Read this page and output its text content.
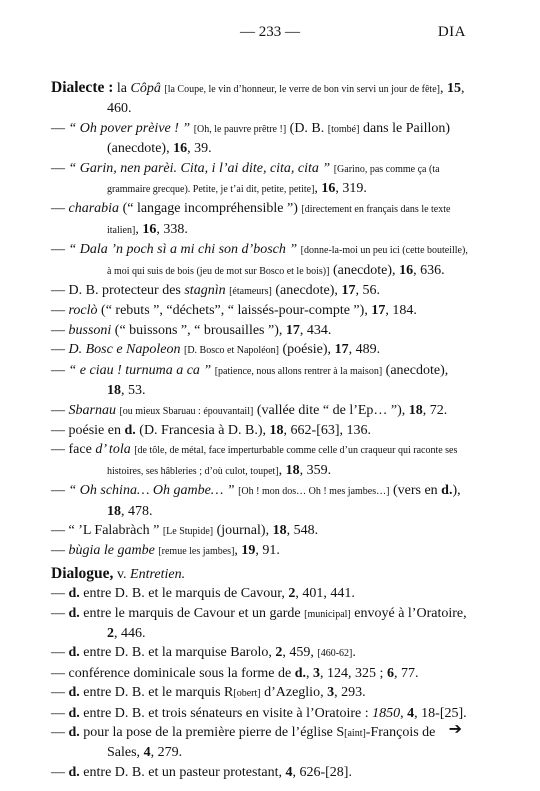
— 233 —	DIA
Dialecte : la Côpâ [la Coupe, le vin d’honneur, le verre de bon vin servi un jour de fête], 15, 460.
— “ Oh pover prèive ! ” [Oh, le pauvre prêtre !] (D. B. [tombé] dans le Paillon) (anecdote), 16, 39.
— “ Garin, nen parèi. Cita, i l’ai dite, cita, cita ” [Garino, pas comme ça (ta grammaire grecque). Petite, je t’ai dit, petite, petite], 16, 319.
— charabia (“ langage incompréhensible ”) [directement en français dans le texte italien], 16, 338.
— “ Dala ’n poch sì a mi chi son d’bosch ” [donne-la-moi un peu ici (cette bouteille), à moi qui suis de bois (jeu de mot sur Bosco et le bois)] (anecdote), 16, 636.
— D. B. protecteur des stagnìn [étameurs] (anecdote), 17, 56.
— roclò (“ rebuts ”, “déchets”, “ laissés-pour-compte ”), 17, 184.
— bussoni (“ buissons ”, “ brousailles ”), 17, 434.
— D. Bosc e Napoleon [D. Bosco et Napoléon] (poésie), 17, 489.
— “ e ciau ! turnuma a ca ” [patience, nous allons rentrer à la maison] (anecdote), 18, 53.
— Sbarnau [ou mieux Sbaruau : épouvantail] (vallée dite “ de l’Ep… ”), 18, 72.
— poésie en d. (D. Francesia à D. B.), 18, 662-[63], 136.
— face d’ tola [de tôle, de métal, face imperturbable comme celle d’un craqueur qui raconte ses histoires, ses hâbleries ; d’où culot, toupet], 18, 359.
— “ Oh schina… Oh gambe… ” [Oh ! mon dos… Oh ! mes jambes…] (vers en d.), 18, 478.
— “ ’L Falabràch ” [Le Stupide] (journal), 18, 548.
— bùgia le gambe [remue les jambes], 19, 91.
Dialogue, v. Entretien.
— d. entre D. B. et le marquis de Cavour, 2, 401, 441.
— d. entre le marquis de Cavour et un garde [municipal] envoyé à l’Oratoire, 2, 446.
— d. entre D. B. et la marquise Barolo, 2, 459, [460-62].
— conférence dominicale sous la forme de d., 3, 124, 325 ; 6, 77.
— d. entre D. B. et le marquis R[obert] d’Azeglio, 3, 293.
— d. entre D. B. et trois sénateurs en visite à l’Oratoire : 1850, 4, 18-[25].
— d. pour la pose de la première pierre de l’église S[aint]-François de Sales, 4, 279.
— d. entre D. B. et un pasteur protestant, 4, 626-[28].
➔
